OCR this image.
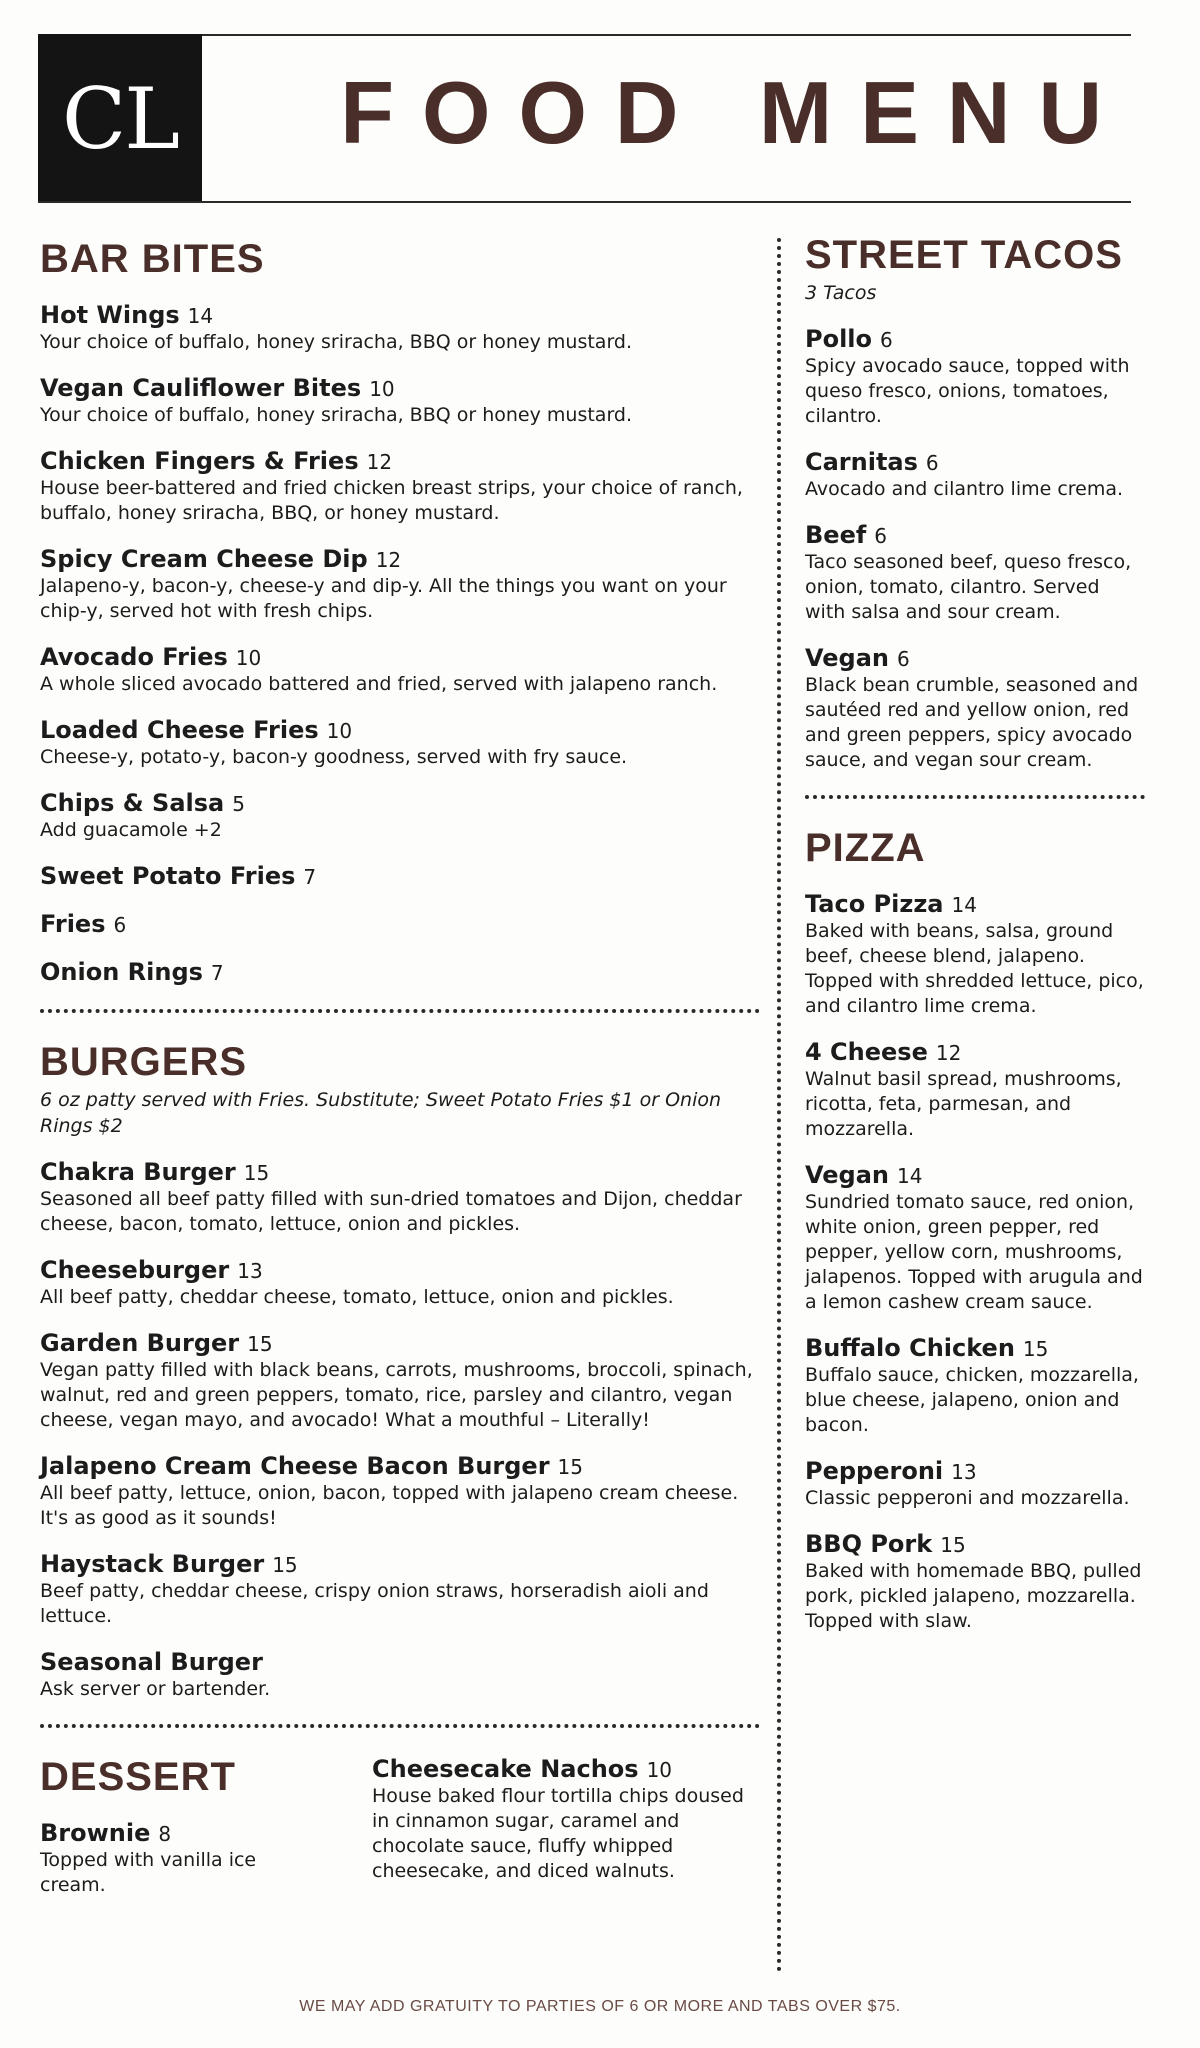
CL FOOD MENU
BAR BITES
Hot Wings 14
Your choice of buffalo, honey sriracha, BBQ or honey mustard.
Vegan Cauliflower Bites 10
Your choice of buffalo, honey sriracha, BBQ or honey mustard.
Chicken Fingers & Fries 12
House beer-battered and fried chicken breast strips, your choice of ranch, buffalo, honey sriracha, BBQ, or honey mustard.
Spicy Cream Cheese Dip 12
Jalapeno-y, bacon-y, cheese-y and dip-y. All the things you want on your chip-y, served hot with fresh chips.
Avocado Fries 10
A whole sliced avocado battered and fried, served with jalapeno ranch.
Loaded Cheese Fries 10
Cheese-y, potato-y, bacon-y goodness, served with fry sauce.
Chips & Salsa 5
Add guacamole +2
Sweet Potato Fries 7
Fries 6
Onion Rings 7
BURGERS

6 oz patty served with Fries. Substitute; Sweet Potato Fries $1 or Onion Rings $2

Chakra Burger 15
Seasoned all beef patty filled with sun-dried tomatoes and Dijon, cheddar cheese, bacon, tomato, lettuce, onion and pickles.
Cheeseburger 13
All beef patty, cheddar cheese, tomato, lettuce, onion and pickles.
Garden Burger 15
Vegan patty filled with black beans, carrots, mushrooms, broccoli, spinach, walnut, red and green peppers, tomato, rice, parsley and cilantro, vegan cheese, vegan mayo, and avocado! What a mouthful – Literally!
Jalapeno Cream Cheese Bacon Burger 15
All beef patty, lettuce, onion, bacon, topped with jalapeno cream cheese. It's as good as it sounds!
Haystack Burger 15
Beef patty, cheddar cheese, crispy onion straws, horseradish aioli and lettuce.
Seasonal Burger
Ask server or bartender.
DESSERT
Brownie 8
Topped with vanilla ice cream.
Cheesecake Nachos 10
House baked flour tortilla chips doused in cinnamon sugar, caramel and chocolate sauce, fluffy whipped cheesecake, and diced walnuts.
STREET TACOS

3 Tacos

Pollo 6
Spicy avocado sauce, topped with queso fresco, onions, tomatoes, cilantro.
Carnitas 6
Avocado and cilantro lime crema.
Beef 6
Taco seasoned beef, queso fresco, onion, tomato, cilantro. Served with salsa and sour cream.
Vegan 6
Black bean crumble, seasoned and sautéed red and yellow onion, red and green peppers, spicy avocado sauce, and vegan sour cream.
PIZZA
Taco Pizza 14
Baked with beans, salsa, ground beef, cheese blend, jalapeno. Topped with shredded lettuce, pico, and cilantro lime crema.
4 Cheese 12
Walnut basil spread, mushrooms, ricotta, feta, parmesan, and mozzarella.
Vegan 14
Sundried tomato sauce, red onion, white onion, green pepper, red pepper, yellow corn, mushrooms, jalapenos. Topped with arugula and a lemon cashew cream sauce.
Buffalo Chicken 15
Buffalo sauce, chicken, mozzarella, blue cheese, jalapeno, onion and bacon.
Pepperoni 13
Classic pepperoni and mozzarella.
BBQ Pork 15
Baked with homemade BBQ, pulled pork, pickled jalapeno, mozzarella. Topped with slaw.
WE MAY ADD GRATUITY TO PARTIES OF 6 OR MORE AND TABS OVER $75.
